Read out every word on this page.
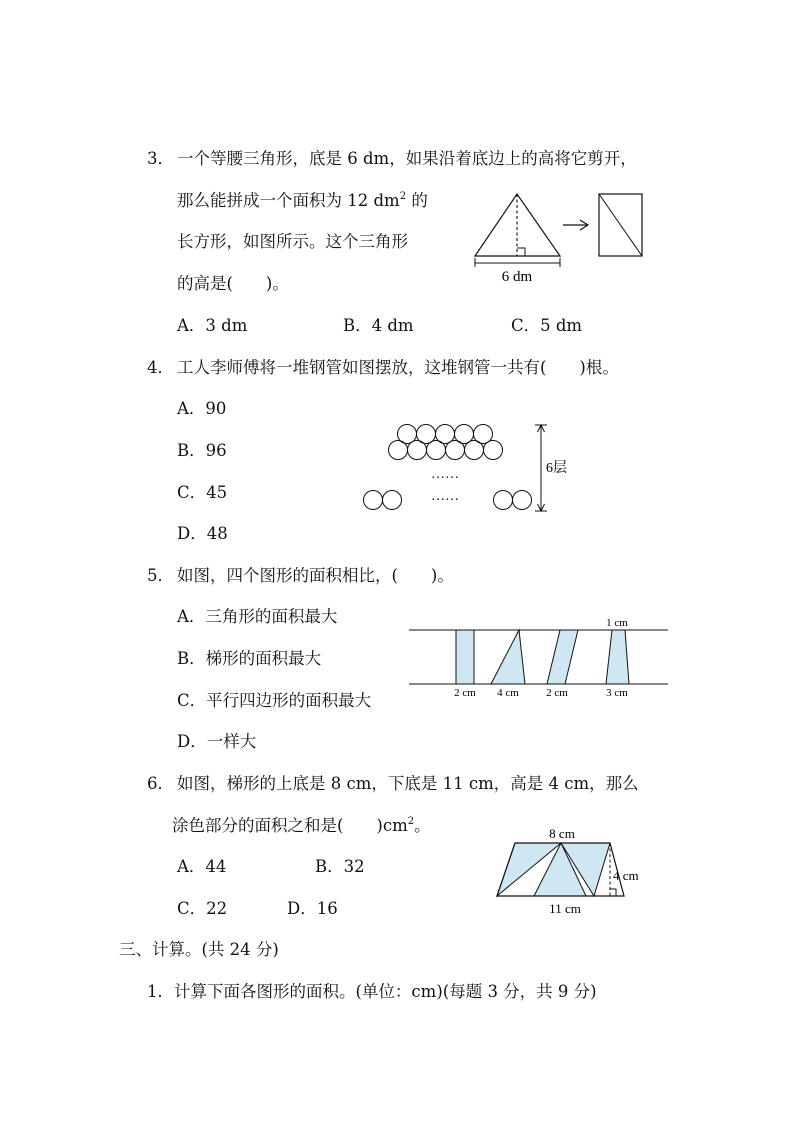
3． 一个等腰三角形，底是 6 dm，如果沿着底边上的高将它剪开，
那么能拼成一个面积为 12 $dm^2$ 的
长方形，如图所示。这个三角形
的高是(　　)。	6 dm
A．3 dm	B．4 dm	C．5 dm
4． 工人李师傅将一堆钢管如图摆放，这堆钢管一共有(　　)根。
A．90
B．96
C．45
D．48
……
……
6层
5． 如图，四个图形的面积相比，(　　)。
A．三角形的面积最大
B．梯形的面积最大
C．平行四边形的面积最大
D．一样大
1 cm
2 cm 4 cm 2 cm	3 cm
6． 如图，梯形的上底是 8 cm，下底是 11 cm，高是 4 cm，那么
涂色部分的面积之和是(　　)$cm^2$。
A．44	B．32
C．22	D．16
8 cm
4 cm
11 cm
三、计算。(共 24 分)
1．计算下面各图形的面积。(单位：cm)(每题 3 分，共 9 分)
